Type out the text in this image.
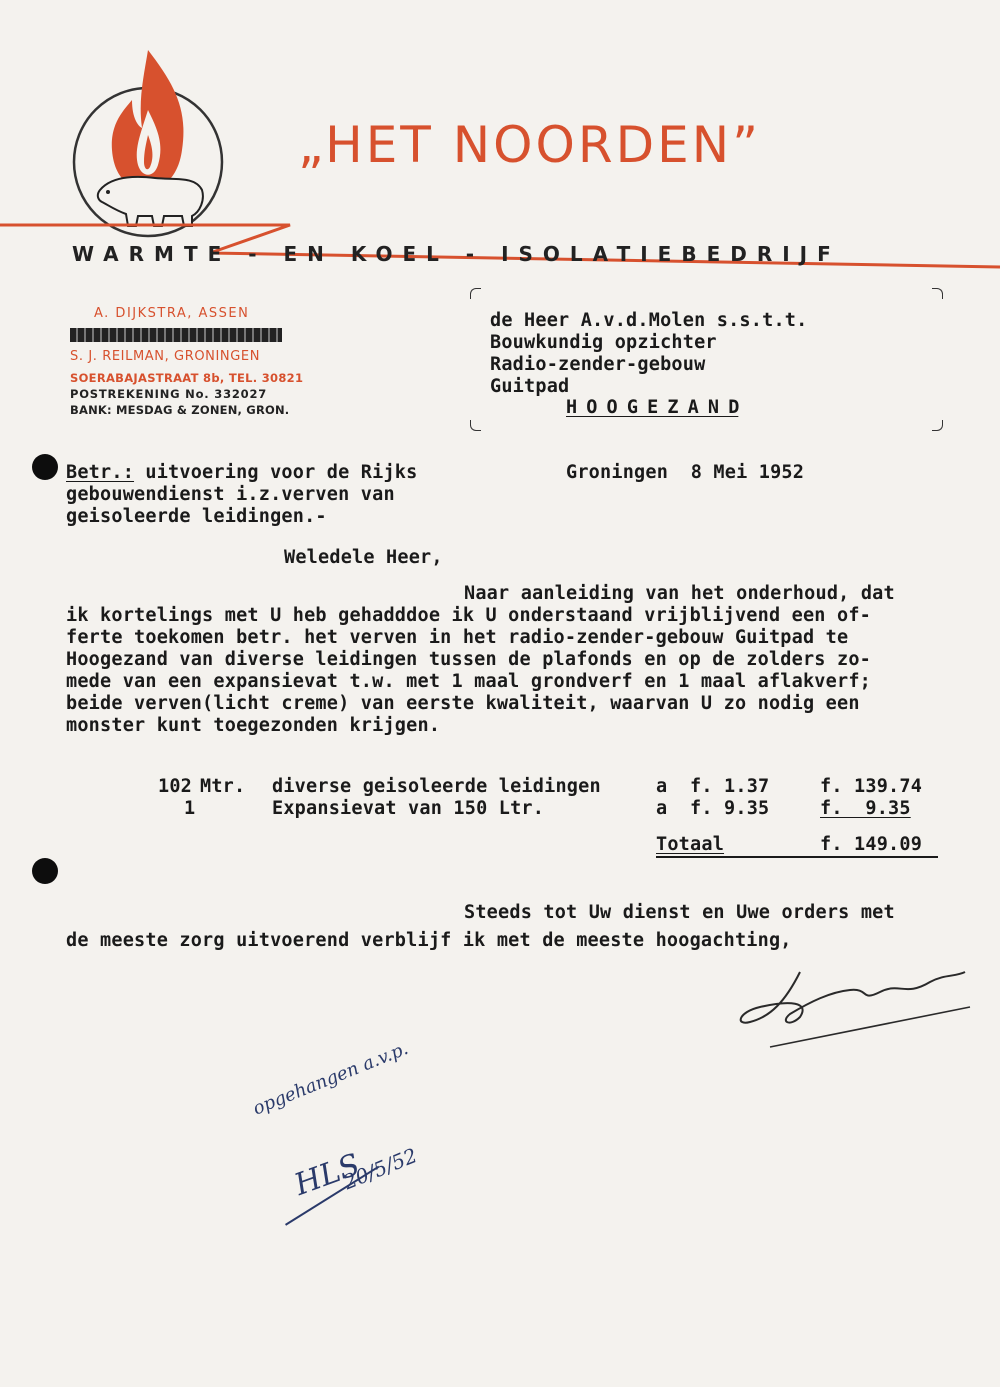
„HET NOORDEN”
WARMTE - EN KOEL - ISOLATIEBEDRIJF
A. DIJKSTRA, ASSEN
S. J. REILMAN, GRONINGEN
SOERABAJASTRAAT 8b, TEL. 30821
POSTREKENING No. 332027
BANK: MESDAG & ZONEN, GRON.
de Heer A.v.d.Molen s.s.t.t.
Bouwkundig opzichter
Radio-zender-gebouw
Guitpad
H O O G E Z A N D
Betr.: uitvoering voor de Rijks
gebouwendienst i.z.verven van
geisoleerde leidingen.-
Groningen  8 Mei 1952
Weledele Heer,
Naar aanleiding van het onderhoud, dat
ik kortelings met U heb gehadddoe ik U onderstaand vrijblijvend een of-
ferte toekomen betr. het verven in het radio-zender-gebouw Guitpad te
Hoogezand van diverse leidingen tussen de plafonds en op de zolders zo-
mede van een expansievat t.w. met 1 maal grondverf en 1 maal aflakverf;
beide verven(licht creme) van eerste kwaliteit, waarvan U zo nodig een
monster kunt toegezonden krijgen.
102 Mtr. diverse geisoleerde leidingen	a f. 1.37	f. 139.74
1	Expansievat van 150 Ltr.	a f. 9.35	f.  9.35
Totaal	f. 149.09
Steeds tot Uw dienst en Uwe orders met
de meeste zorg uitvoerend verblijf ik met de meeste hoogachting,
opgehangen a.v.p.
HLS
20/5/52
